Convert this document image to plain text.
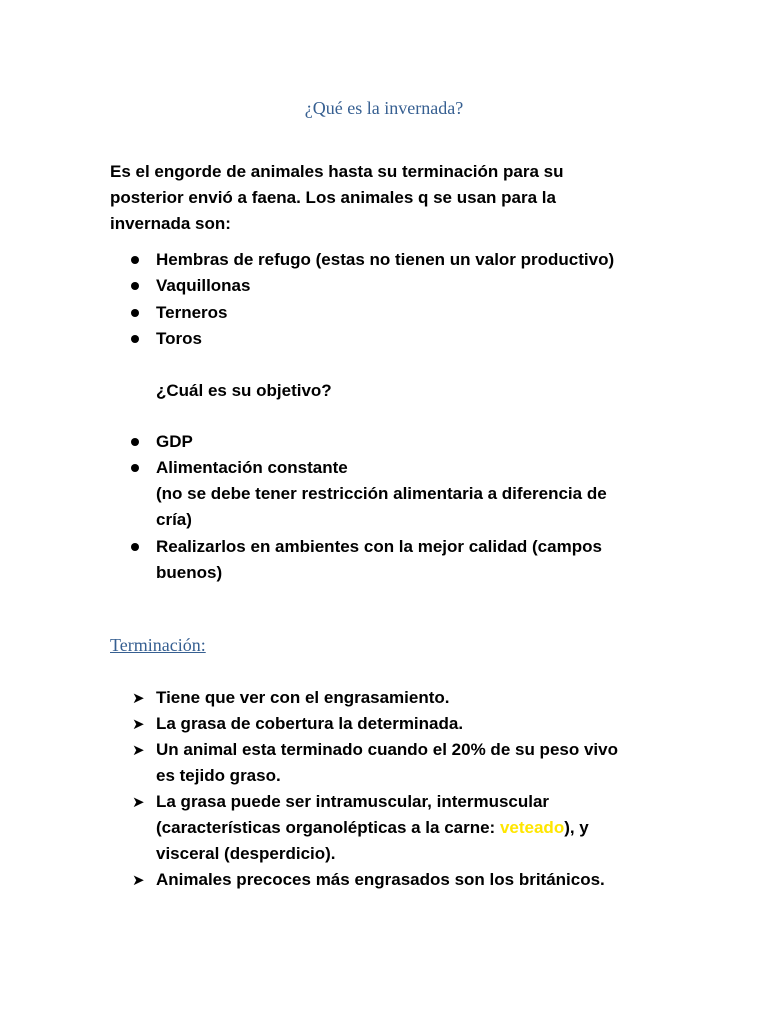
¿Qué es la invernada?
Es el engorde de animales hasta su terminación para su
posterior envió a faena. Los animales q se usan para la
invernada son:
Hembras de refugo (estas no tienen un valor productivo)
Vaquillonas
Terneros
Toros
¿Cuál es su objetivo?
GDP
Alimentación constante
(no se debe tener restricción alimentaria a diferencia de
cría)
Realizarlos en ambientes con la mejor calidad (campos
buenos)
Terminación:
➤ Tiene que ver con el engrasamiento.
➤ La grasa de cobertura la determinada.
➤ Un animal esta terminado cuando el 20% de su peso vivo
es tejido graso.
➤ La grasa puede ser intramuscular, intermuscular
(características organolépticas a la carne: veteado), y
visceral (desperdicio).
➤ Animales precoces más engrasados son los británicos.
